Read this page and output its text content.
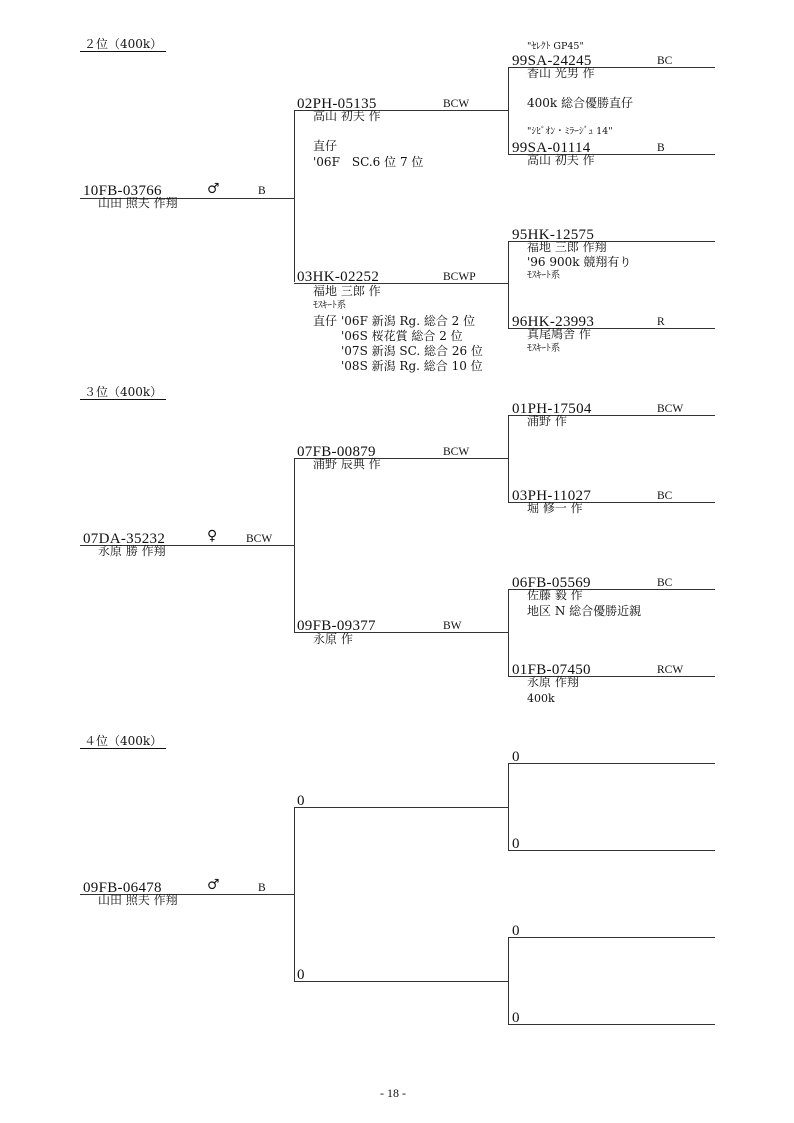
２位（400k）
10FB-03766	♂	B
山田 照夫 作翔
02PH-05135	BCW
高山 初夫 作
直仔
'06F　SC.6 位 7 位
"ｾﾚｸﾄ GP45"
99SA-24245	BC
香山 光男 作
400k 総合優勝直仔
"ｼﾋﾟｵﾝ・ﾐﾗｰｼﾞｭ 14"
99SA-01114	B
高山 初夫 作
03HK-02252	BCWP
福地 三郎 作
ﾓｽｷｰﾄ系
直仔 '06F 新潟 Rg. 総合 2 位
'06S 桜花賞 総合 2 位
'07S 新潟 SC. 総合 26 位
'08S 新潟 Rg. 総合 10 位
95HK-12575
福地 三郎 作翔
'96 900k 競翔有り
ﾓｽｷｰﾄ系
96HK-23993	R
真尾鳩舎 作
ﾓｽｷｰﾄ系
３位（400k）
07DA-35232	♀	BCW
永原 勝 作翔
07FB-00879	BCW
浦野 辰典 作
01PH-17504	BCW
浦野 作
03PH-11027	BC
堀 修一 作
09FB-09377	BW
永原 作
06FB-05569	BC
佐藤 毅 作
地区 N 総合優勝近親
01FB-07450	RCW
永原 作翔
400k
４位（400k）
09FB-06478	♂	B
山田 照夫 作翔
0
0
0
0
0
0
- 18 -
